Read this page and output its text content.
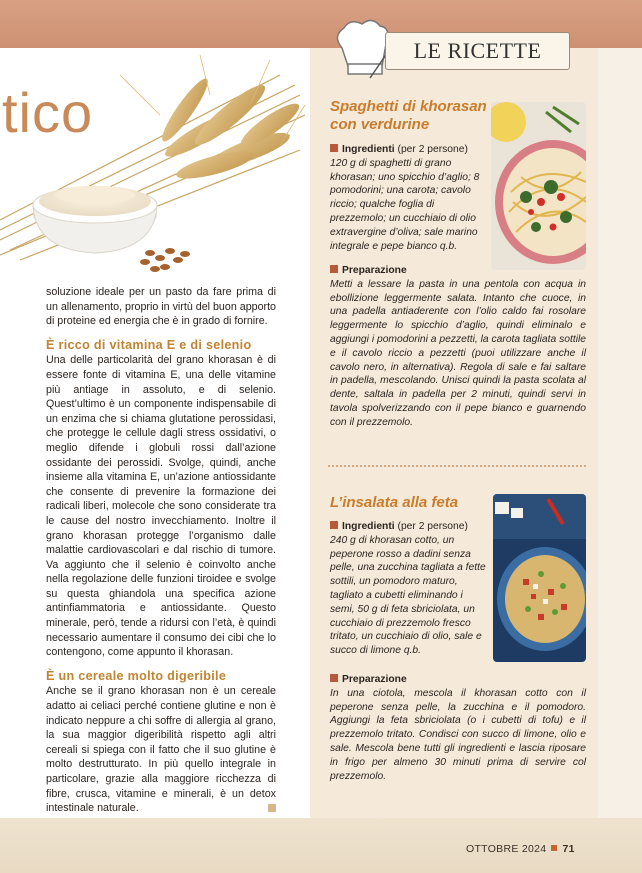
tico

soluzione ideale per un pasto da fare prima di un allenamento, proprio in virtù del buon apporto di proteine ed energia che è in grado di fornire.

È ricco di vitamina E e di selenio

Una delle particolarità del grano khorasan è di essere fonte di vitamina E, una delle vitamine più antiage in assoluto, e di selenio. Quest’ultimo è un componente indispensabile di un enzima che si chiama glutatione perossidasi, che protegge le cellule dagli stress ossidativi, o meglio difende i globuli rossi dall’azione ossidante dei perossidi. Svolge, quindi, anche insieme alla vitamina E, un’azione antiossidante che consente di prevenire la formazione dei radicali liberi, molecole che sono considerate tra le cause del nostro invecchiamento. Inoltre il grano khorasan protegge l’organismo dalle malattie cardiovascolari e dal rischio di tumore. Va aggiunto che il selenio è coinvolto anche nella regolazione delle funzioni tiroidee e svolge su questa ghiandola una specifica azione antinfiammatoria e antiossidante. Questo minerale, però, tende a ridursi con l’età, è quindi necessario aumentare il consumo dei cibi che lo contengono, come appunto il khorasan.

È un cereale molto digeribile

Anche se il grano khorasan non è un cereale adatto ai celiaci perché contiene glutine e non è indicato neppure a chi soffre di allergia al grano, la sua maggior digeribilità rispetto agli altri cereali si spiega con il fatto che il suo glutine è molto destrutturato. In più quello integrale in particolare, grazie alla maggiore ricchezza di fibre, crusca, vitamine e minerali, è un detox intestinale naturale.

LE RICETTE
Spaghetti di khorasan
con verdurine

Ingredienti (per 2 persone)

120 g di spaghetti di grano khorasan; uno spicchio d’aglio; 8 pomodorini; una carota; cavolo riccio; qualche foglia di prezzemolo; un cucchiaio di olio extravergine d’oliva; sale marino integrale e pepe bianco q.b.

Preparazione

Metti a lessare la pasta in una pentola con acqua in ebollizione leggermente salata. Intanto che cuoce, in una padella antiaderente con l’olio caldo fai rosolare leggermente lo spicchio d’aglio, quindi eliminalo e aggiungi i pomodorini a pezzetti, la carota tagliata sottile e il cavolo riccio a pezzetti (puoi utilizzare anche il cavolo nero, in alternativa). Regola di sale e fai saltare in padella, mescolando. Unisci quindi la pasta scolata al dente, saltala in padella per 2 minuti, quindi servi in tavola spolverizzando con il pepe bianco e guarnendo con il prezzemolo.

L’insalata alla feta

Ingredienti (per 2 persone)

240 g di khorasan cotto, un peperone rosso a dadini senza pelle, una zucchina tagliata a fette sottili, un pomodoro maturo, tagliato a cubetti eliminando i semi, 50 g di feta sbriciolata, un cucchiaio di prezzemolo fresco tritato, un cucchiaio di olio, sale e succo di limone q.b.

Preparazione

In una ciotola, mescola il khorasan cotto con il peperone senza pelle, la zucchina e il pomodoro. Aggiungi la feta sbriciolata (o i cubetti di tofu) e il prezzemolo tritato. Condisci con succo di limone, olio e sale. Mescola bene tutti gli ingredienti e lascia riposare in frigo per almeno 30 minuti prima di servire col prezzemolo.

OTTOBRE 2024 71
